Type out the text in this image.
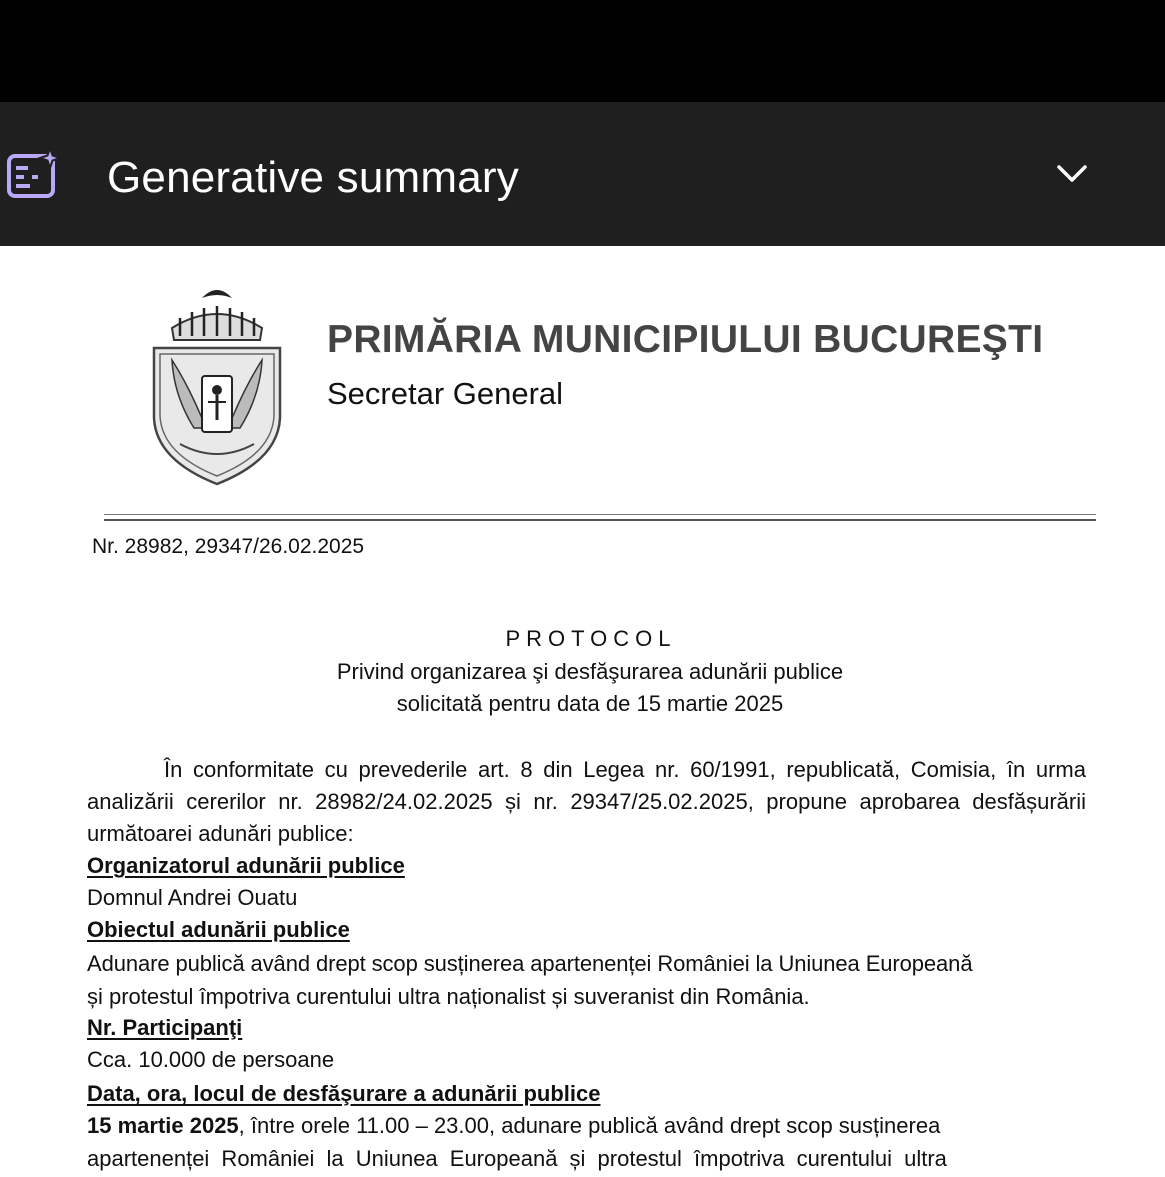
Generative summary
PRIMĂRIA MUNICIPIULUI BUCUREŞTI
Secretar General
Nr. 28982, 29347/26.02.2025
PROTOCOL
Privind organizarea şi desfăşurarea adunării publice
solicitată pentru data de 15 martie 2025
În conformitate cu prevederile art. 8 din Legea nr. 60/1991, republicată, Comisia, în urma analizării cererilor nr. 28982/24.02.2025 și nr. 29347/25.02.2025, propune aprobarea desfășurării următoarei adunări publice:
Organizatorul adunării publice
Domnul Andrei Ouatu
Obiectul adunării publice
Adunare publică având drept scop susținerea apartenenței României la Uniunea Europeană
și protestul împotriva curentului ultra naționalist și suveranist din România.
Nr. Participanţi
Cca. 10.000 de persoane
Data, ora, locul de desfăşurare a adunării publice
15 martie 2025, între orele 11.00 – 23.00, adunare publică având drept scop susținerea
apartenenței României la Uniunea Europeană și protestul împotriva curentului ultra
